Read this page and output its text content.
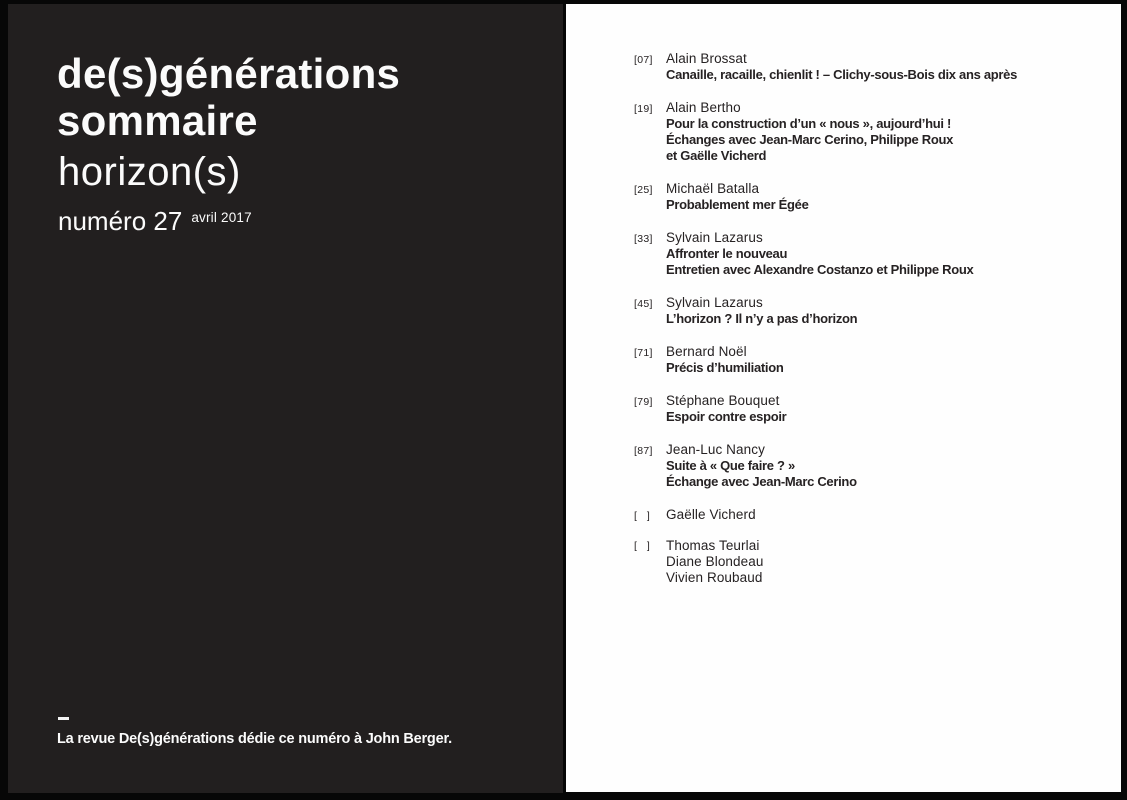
de(s)générations
sommaire
horizon(s)
numéro 27 $^{avril 2017}$
La revue De(s)générations dédie ce numéro à John Berger.
[07] Alain Brossat
Canaille, racaille, chienlit ! – Clichy-sous-Bois dix ans après
[19] Alain Bertho
Pour la construction d’un « nous », aujourd’hui !
Échanges avec Jean-Marc Cerino, Philippe Roux
et Gaëlle Vicherd
[25] Michaël Batalla
Probablement mer Égée
[33] Sylvain Lazarus
Affronter le nouveau
Entretien avec Alexandre Costanzo et Philippe Roux
[45] Sylvain Lazarus
L’horizon ? Il n’y a pas d’horizon
[71] Bernard Noël
Précis d’humiliation
[79] Stéphane Bouquet
Espoir contre espoir
[87] Jean-Luc Nancy
Suite à « Que faire ? »
Échange avec Jean-Marc Cerino
[   ]	Gaëlle Vicherd
[   ]	Thomas Teurlai
Diane Blondeau
Vivien Roubaud
